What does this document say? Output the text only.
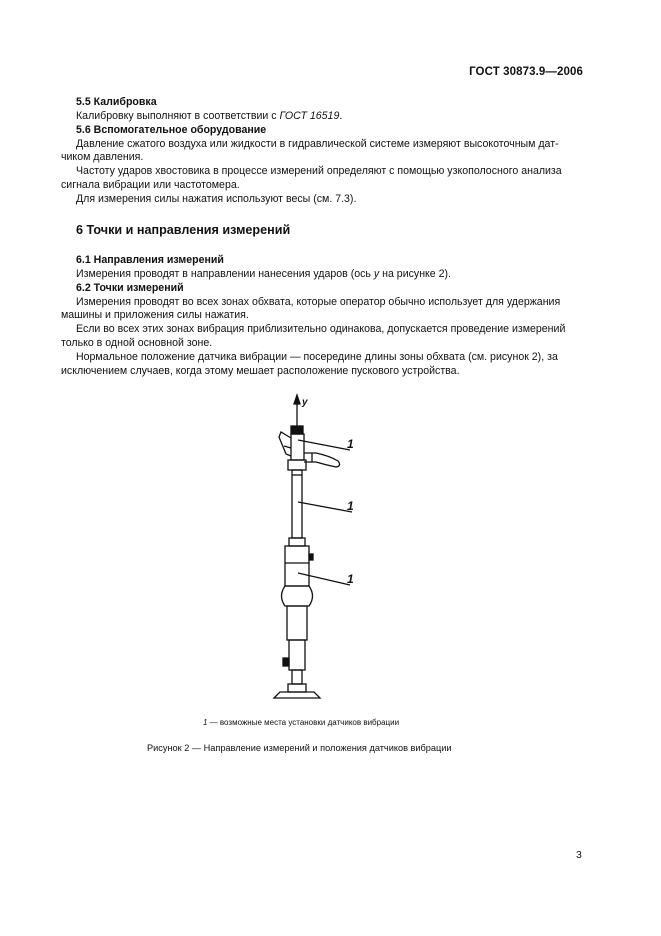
ГОСТ 30873.9—2006
5.5 Калибровка
Калибровку выполняют в соответствии с ГОСТ 16519.
5.6 Вспомогательное оборудование
Давление сжатого воздуха или жидкости в гидравлической системе измеряют высокоточным дат-
чиком давления.
Частоту ударов хвостовика в процессе измерений определяют с помощью узкополосного анализа
сигнала вибрации или частотомера.
Для измерения силы нажатия используют весы (см. 7.3).
6 Точки и направления измерений
6.1 Направления измерений
Измерения проводят в направлении нанесения ударов (ось y на рисунке 2).
6.2 Точки измерений
Измерения проводят во всех зонах обхвата, которые оператор обычно использует для удержания
машины и приложения силы нажатия.
Если во всех этих зонах вибрация приблизительно одинакова, допускается проведение измерений
только в одной основной зоне.
Нормальное положение датчика вибрации — посередине длины зоны обхвата (см. рисунок 2), за
исключением случаев, когда этому мешает расположение пускового устройства.
y
1
1
1
1 — возможные места установки датчиков вибрации
Рисунок 2 — Направление измерений и положения датчиков вибрации
3
